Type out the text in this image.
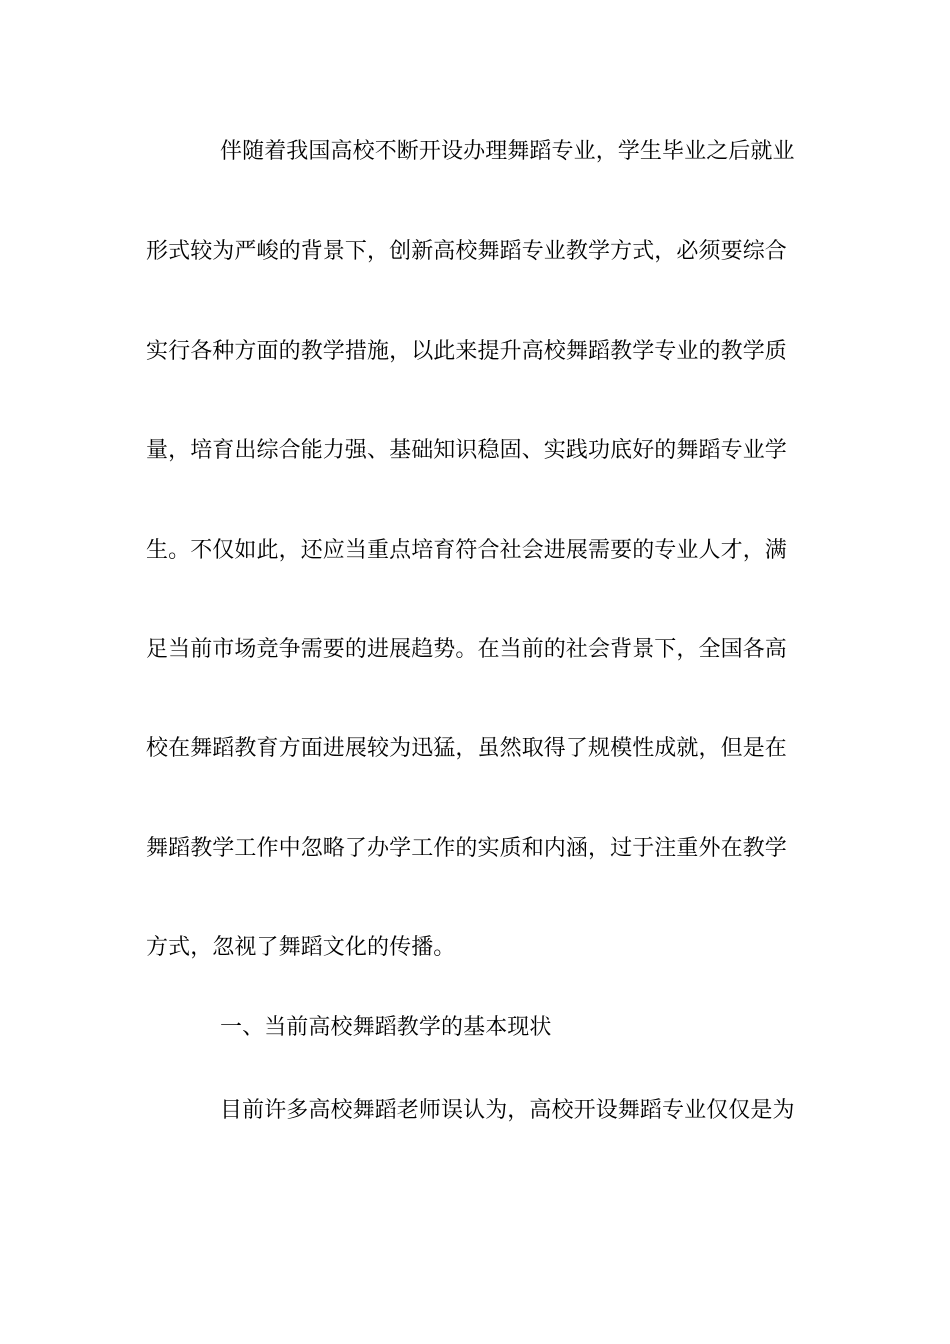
伴随着我国高校不断开设办理舞蹈专业，学生毕业之后就业
形式较为严峻的背景下，创新高校舞蹈专业教学方式，必须要综合
实行各种方面的教学措施，以此来提升高校舞蹈教学专业的教学质
量，培育出综合能力强、基础知识稳固、实践功底好的舞蹈专业学
生。不仅如此，还应当重点培育符合社会进展需要的专业人才，满
足当前市场竞争需要的进展趋势。在当前的社会背景下，全国各高
校在舞蹈教育方面进展较为迅猛，虽然取得了规模性成就，但是在
舞蹈教学工作中忽略了办学工作的实质和内涵，过于注重外在教学
方式，忽视了舞蹈文化的传播。
一、当前高校舞蹈教学的基本现状
目前许多高校舞蹈老师误认为，高校开设舞蹈专业仅仅是为
